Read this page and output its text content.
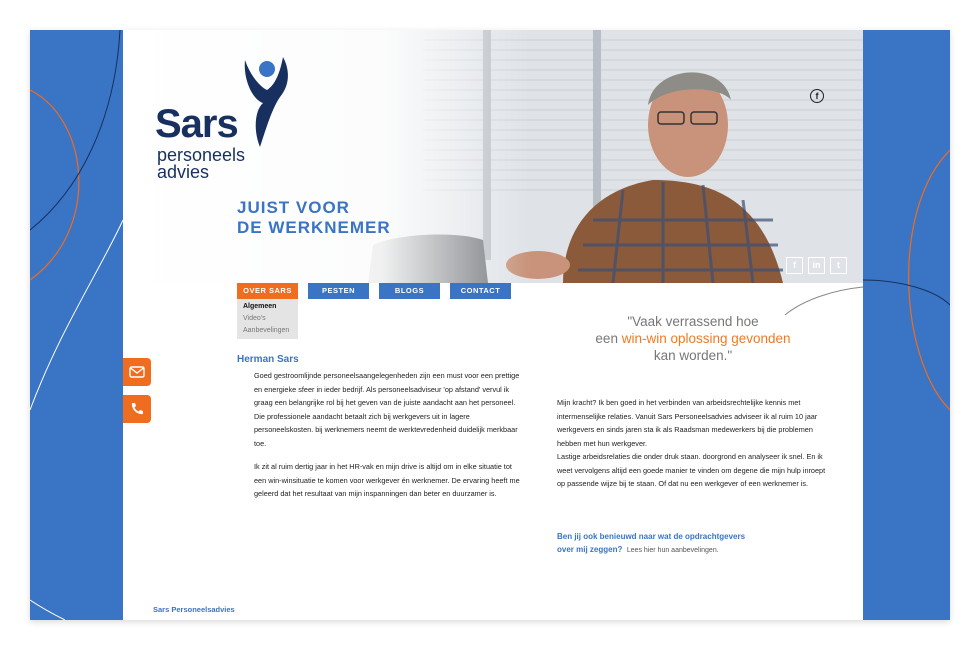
Sars
personeels
advies
JUIST VOOR
DE WERKNEMER
f
f	in	t
OVER SARS	PESTEN	BLOGS	CONTACT
Algemeen
Video's
Aanbevelingen
"Vaak verrassend hoe
een win-win oplossing gevonden
kan worden."
Herman Sars
Goed gestroomlijnde personeelsaangelegenheden zijn een must voor een prettige en energieke sfeer in ieder bedrijf. Als personeelsadviseur 'op afstand' vervul ik graag een belangrijke rol bij het geven van de juiste aandacht aan het personeel. Die professionele aandacht betaalt zich bij werkgevers uit in lagere personeelskosten. bij werknemers neemt de werktevredenheid duidelijk merkbaar toe.
Ik zit al ruim dertig jaar in het HR-vak en mijn drive is altijd om in elke situatie tot een win-winsituatie te komen voor werkgever én werknemer. De ervaring heeft me geleerd dat het resultaat van mijn inspanningen dan beter en duurzamer is.
Mijn kracht? Ik ben goed in het verbinden van arbeidsrechtelijke kennis met intermenselijke relaties. Vanuit Sars Personeelsadvies adviseer ik al ruim 10 jaar werkgevers en sinds jaren sta ik als Raadsman medewerkers bij die problemen hebben met hun werkgever.
Lastige arbeidsrelaties die onder druk staan. doorgrond en analyseer ik snel. En ik weet vervolgens altijd een goede manier te vinden om degene die mijn hulp inroept op passende wijze bij te staan. Of dat nu een werkgever of een werknemer is.
Ben jij ook benieuwd naar wat de opdrachtgevers
over mij zeggen? Lees hier hun aanbevelingen.
Sars Personeelsadvies
